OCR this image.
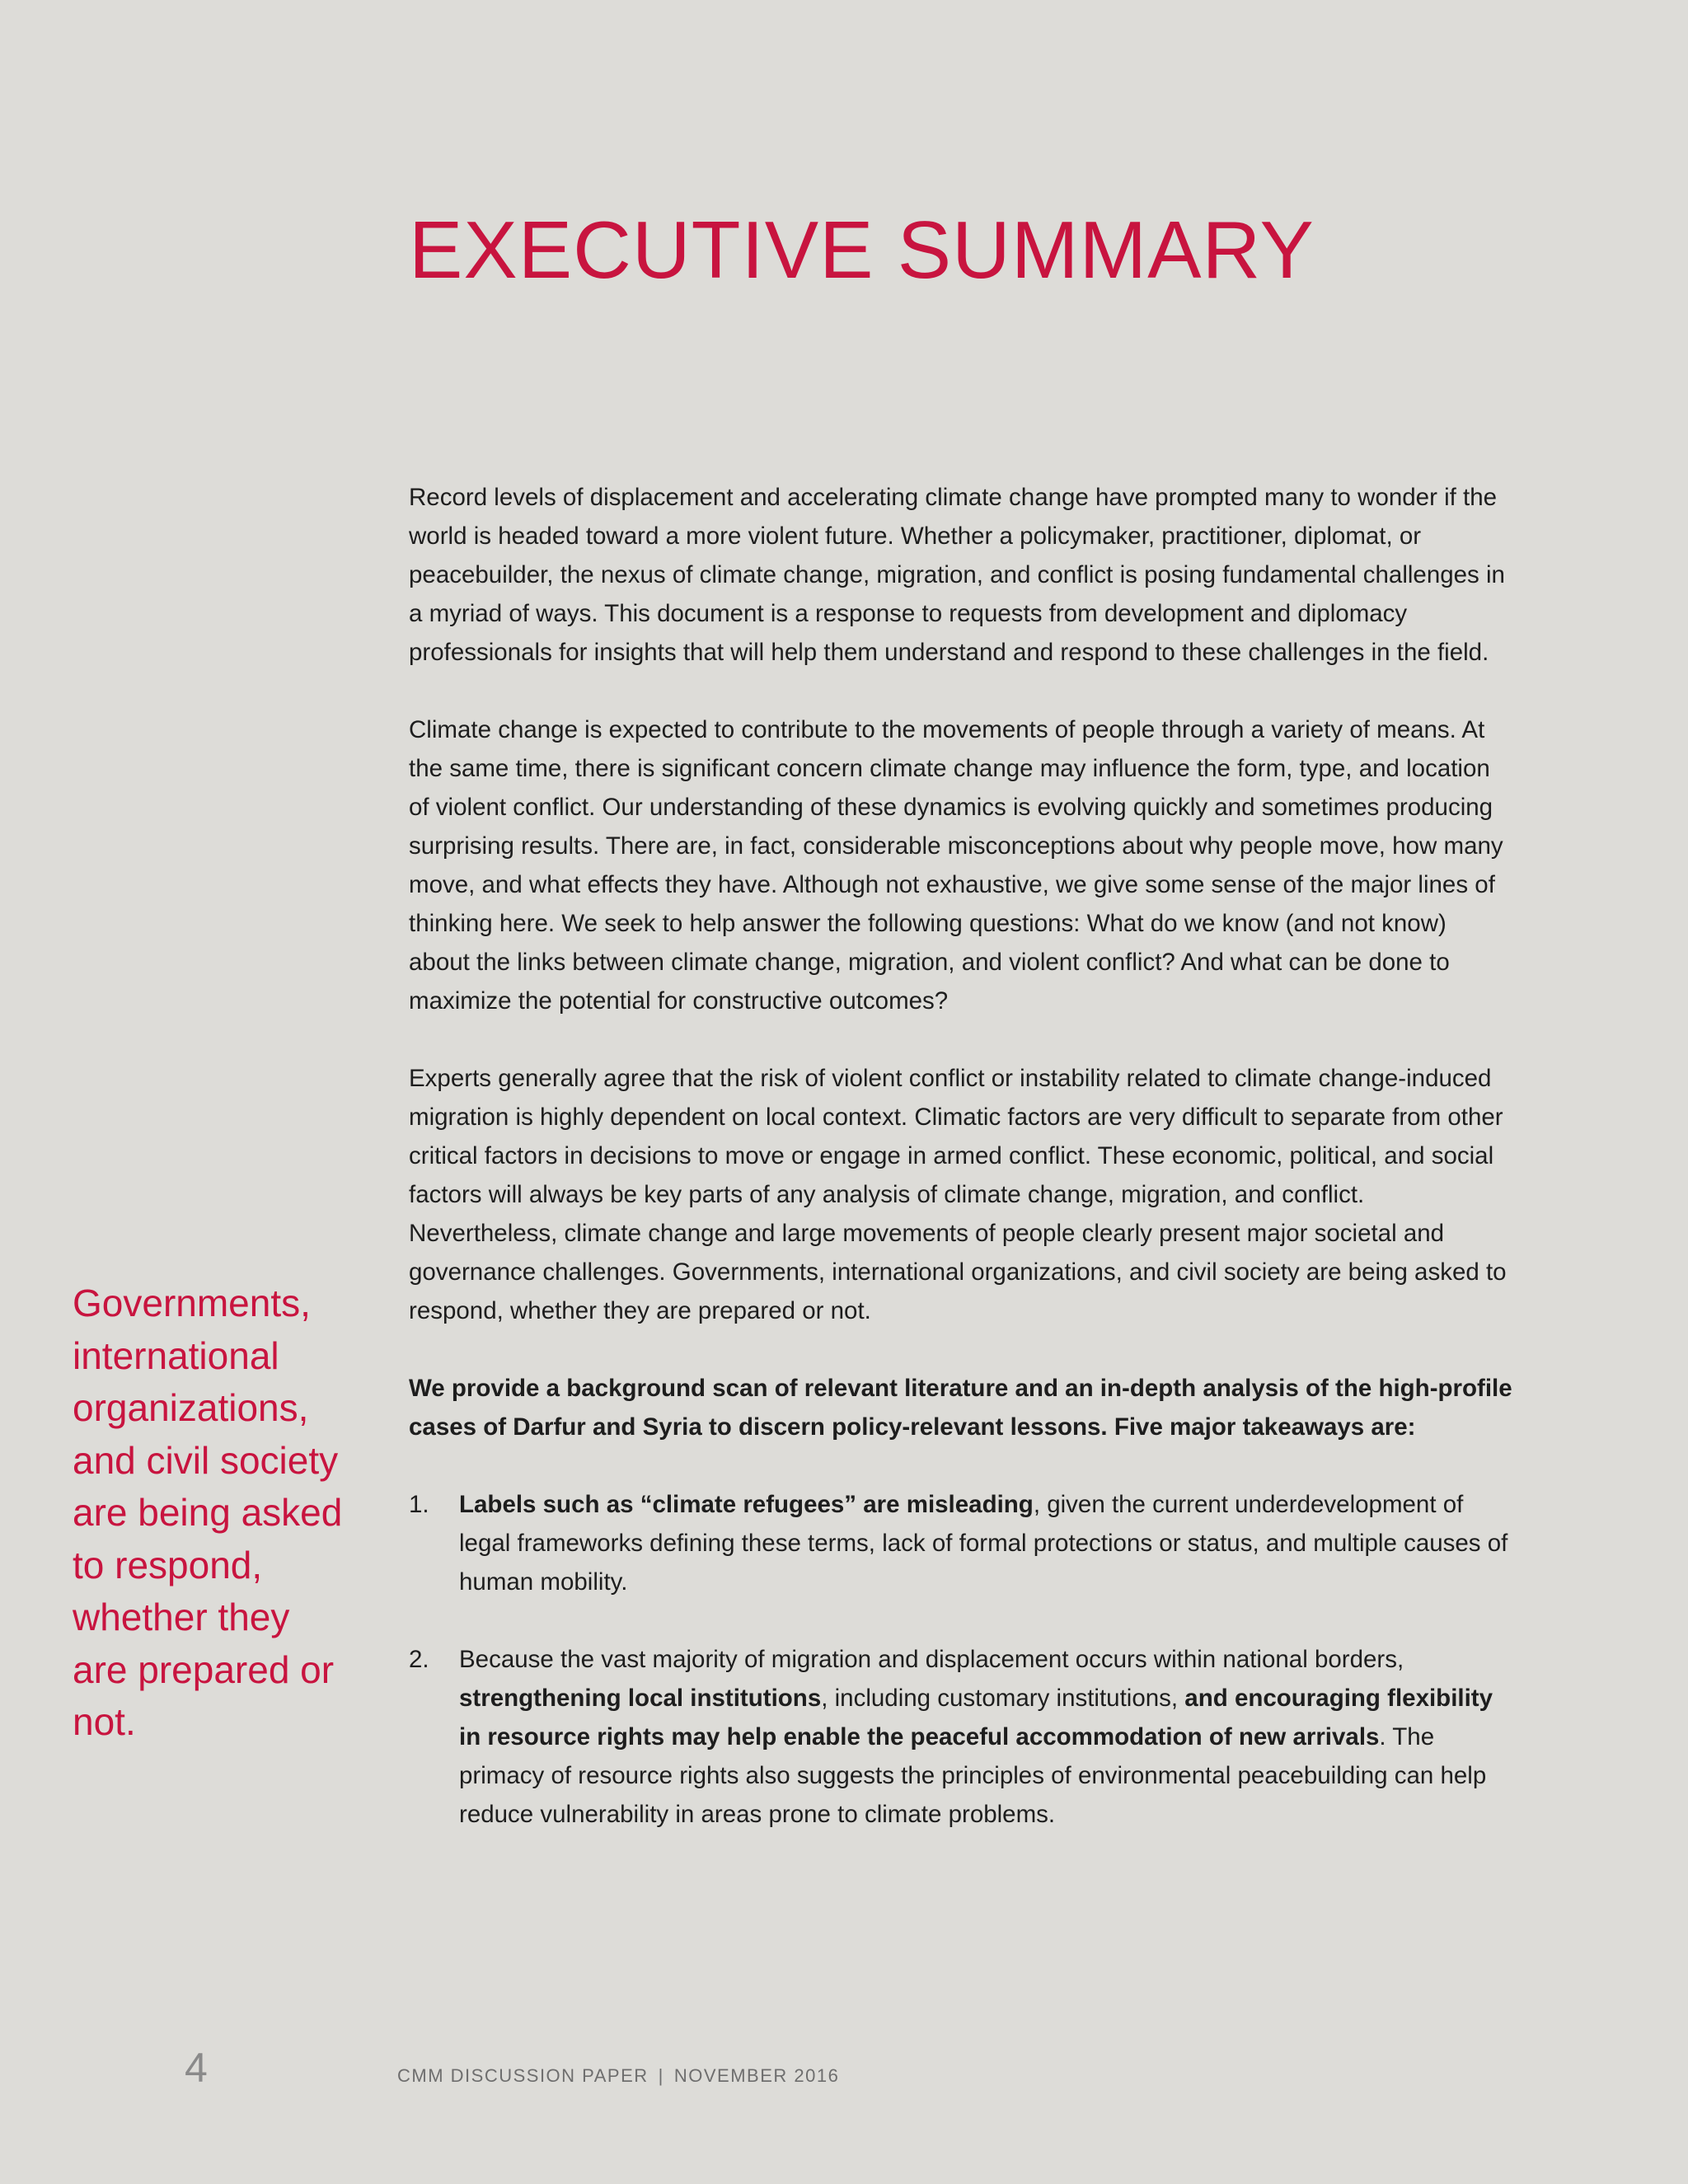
EXECUTIVE SUMMARY

Record levels of displacement and accelerating climate change have prompted many to wonder if the world is headed toward a more violent future. Whether a policymaker, practitioner, diplomat, or peacebuilder, the nexus of climate change, migration, and conflict is posing fundamental challenges in a myriad of ways. This document is a response to requests from development and diplomacy professionals for insights that will help them understand and respond to these challenges in the field.

Climate change is expected to contribute to the movements of people through a variety of means. At the same time, there is significant concern climate change may influence the form, type, and location of violent conflict. Our understanding of these dynamics is evolving quickly and sometimes producing surprising results. There are, in fact, considerable misconceptions about why people move, how many move, and what effects they have. Although not exhaustive, we give some sense of the major lines of thinking here. We seek to help answer the following questions: What do we know (and not know) about the links between climate change, migration, and violent conflict? And what can be done to maximize the potential for constructive outcomes?

Experts generally agree that the risk of violent conflict or instability related to climate change-induced migration is highly dependent on local context. Climatic factors are very difficult to separate from other critical factors in decisions to move or engage in armed conflict. These economic, political, and social factors will always be key parts of any analysis of climate change, migration, and conflict. Nevertheless, climate change and large movements of people clearly present major societal and governance challenges. Governments, international organizations, and civil society are being asked to respond, whether they are prepared or not.

We provide a background scan of relevant literature and an in-depth analysis of the high-profile cases of Darfur and Syria to discern policy-relevant lessons. Five major takeaways are:

1. Labels such as “climate refugees” are misleading, given the current underdevelopment of legal frameworks defining these terms, lack of formal protections or status, and multiple causes of human mobility.
2. Because the vast majority of migration and displacement occurs within national borders, strengthening local institutions, including customary institutions, and encouraging flexibility in resource rights may help enable the peaceful accommodation of new arrivals. The primacy of resource rights also suggests the principles of environmental peacebuilding can help reduce vulnerability in areas prone to climate problems.

Governments, international organizations, and civil society are being asked to respond, whether they are prepared or not.

4	CMM DISCUSSION PAPER | NOVEMBER 2016
